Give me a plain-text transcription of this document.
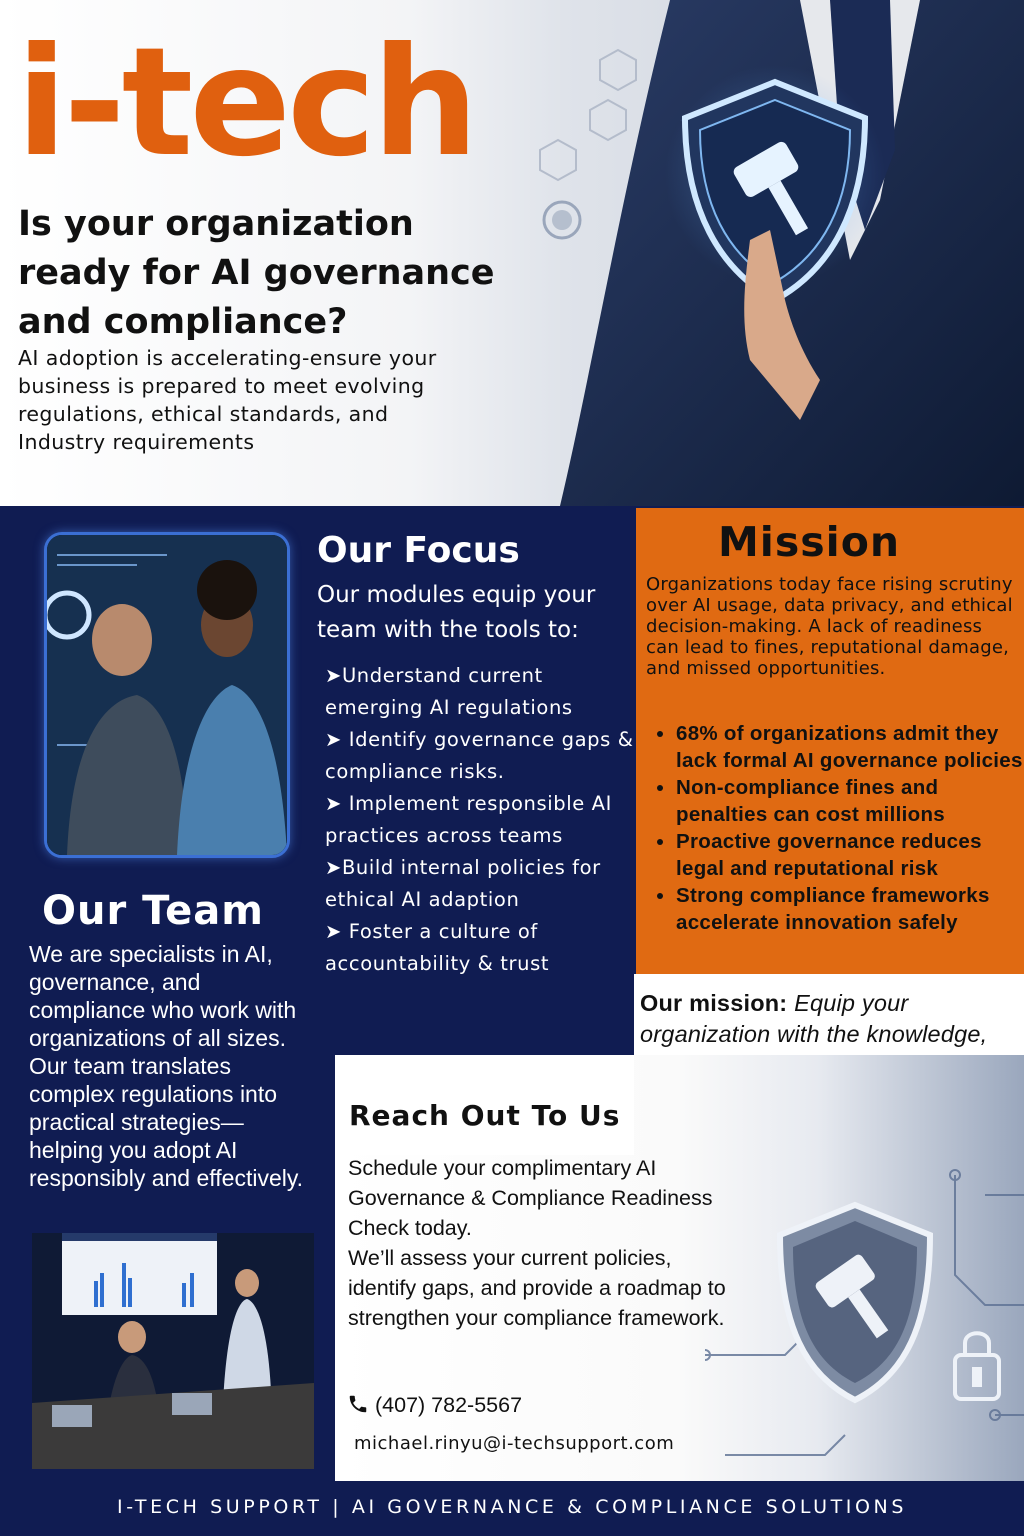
i-tech
Is your organization ready for AI governance and compliance?

AI adoption is accelerating-ensure your business is prepared to meet evolving regulations, ethical standards, and Industry requirements

Our Focus

Our modules equip your team with the tools to:

➤Understand current emerging AI regulations
➤ Identify governance gaps & compliance risks.
➤ Implement responsible AI practices across teams
➤Build internal policies for ethical AI adaption
➤ Foster a culture of accountability & trust
Our Team

We are specialists in AI, governance, and compliance who work with organizations of all sizes. Our team translates complex regulations into practical strategies—helping you adopt AI responsibly and effectively.

Mission

Organizations today face rising scrutiny over AI usage, data privacy, and ethical decision-making. A lack of readiness can lead to fines, reputational damage, and missed opportunities.

• 68% of organizations admit they lack formal AI governance policies
• Non-compliance fines and penalties can cost millions
• Proactive governance reduces legal and reputational risk
• Strong compliance frameworks accelerate innovation safely

Our mission: Equip your organization with the knowledge,

Reach Out To Us

Schedule your complimentary AI Governance & Compliance Readiness Check today.

We’ll assess your current policies, identify gaps, and provide a roadmap to strengthen your compliance framework.

(407) 782-5567
michael.rinyu@i-techsupport.com
I-TECH SUPPORT | AI GOVERNANCE & COMPLIANCE SOLUTIONS
